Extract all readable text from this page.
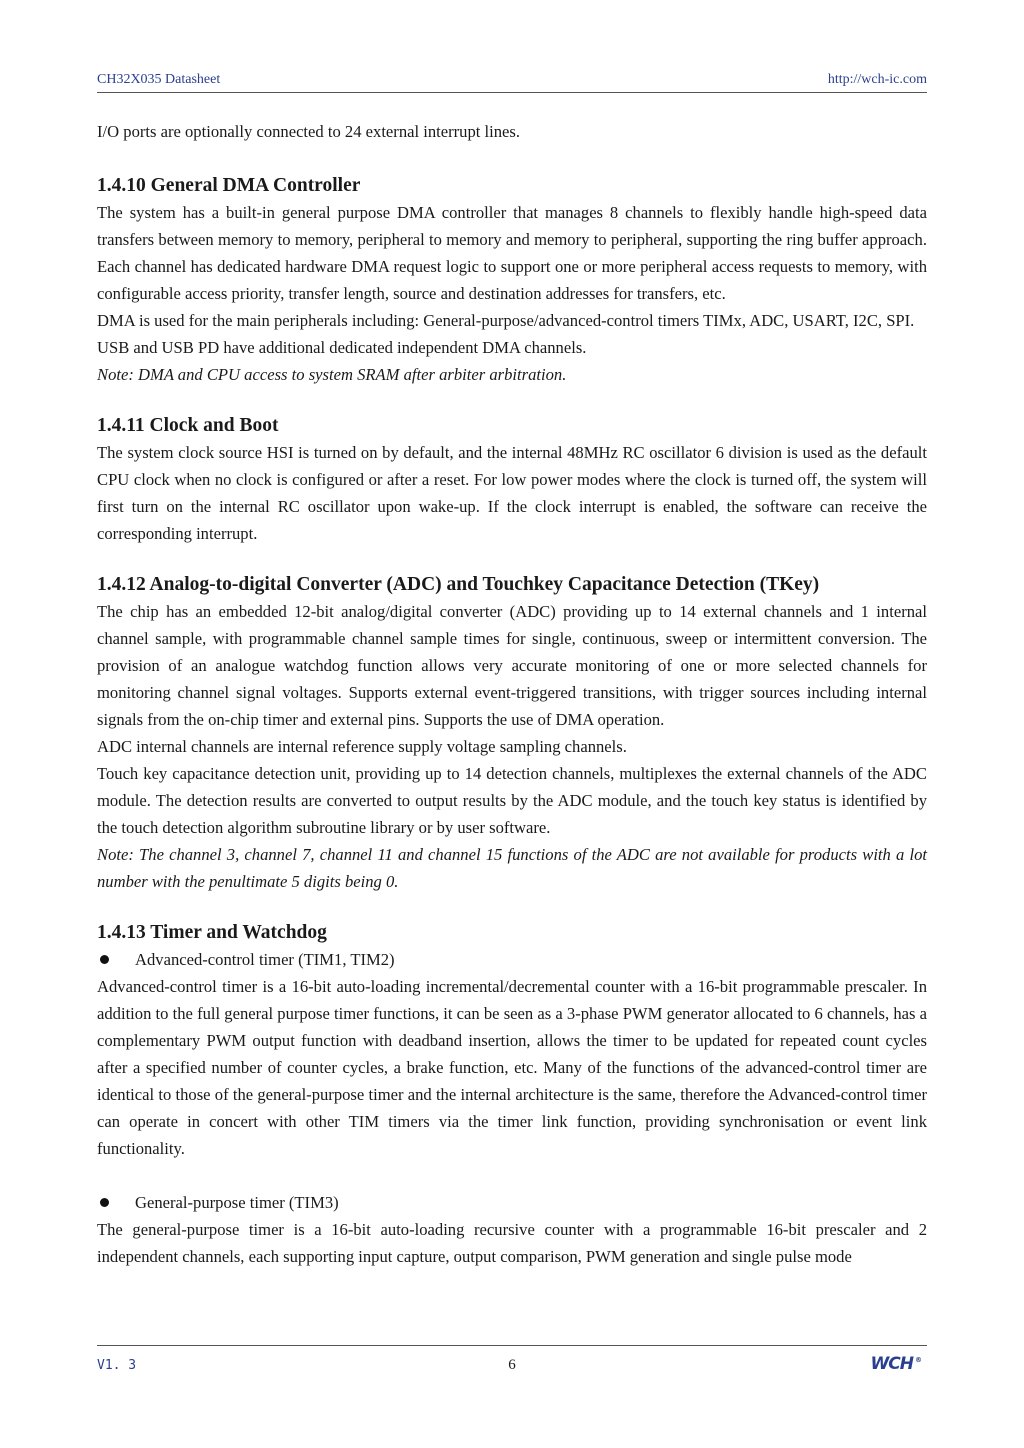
CH32X035 Datasheet	http://wch-ic.com

I/O ports are optionally connected to 24 external interrupt lines.

1.4.10 General DMA Controller

The system has a built-in general purpose DMA controller that manages 8 channels to flexibly handle high-speed data transfers between memory to memory, peripheral to memory and memory to peripheral, supporting the ring buffer approach. Each channel has dedicated hardware DMA request logic to support one or more peripheral access requests to memory, with configurable access priority, transfer length, source and destination addresses for transfers, etc.

DMA is used for the main peripherals including: General-purpose/advanced-control timers TIMx, ADC, USART, I2C, SPI.

USB and USB PD have additional dedicated independent DMA channels.

Note: DMA and CPU access to system SRAM after arbiter arbitration.

1.4.11 Clock and Boot

The system clock source HSI is turned on by default, and the internal 48MHz RC oscillator 6 division is used as the default CPU clock when no clock is configured or after a reset. For low power modes where the clock is turned off, the system will first turn on the internal RC oscillator upon wake-up. If the clock interrupt is enabled, the software can receive the corresponding interrupt.

1.4.12 Analog-to-digital Converter (ADC) and Touchkey Capacitance Detection (TKey)

The chip has an embedded 12-bit analog/digital converter (ADC) providing up to 14 external channels and 1 internal channel sample, with programmable channel sample times for single, continuous, sweep or intermittent conversion. The provision of an analogue watchdog function allows very accurate monitoring of one or more selected channels for monitoring channel signal voltages. Supports external event-triggered transitions, with trigger sources including internal signals from the on-chip timer and external pins. Supports the use of DMA operation.

ADC internal channels are internal reference supply voltage sampling channels.

Touch key capacitance detection unit, providing up to 14 detection channels, multiplexes the external channels of the ADC module. The detection results are converted to output results by the ADC module, and the touch key status is identified by the touch detection algorithm subroutine library or by user software.

Note: The channel 3, channel 7, channel 11 and channel 15 functions of the ADC are not available for products with a lot number with the penultimate 5 digits being 0.

1.4.13 Timer and Watchdog
Advanced-control timer (TIM1, TIM2)

Advanced-control timer is a 16-bit auto-loading incremental/decremental counter with a 16-bit programmable prescaler. In addition to the full general purpose timer functions, it can be seen as a 3-phase PWM generator allocated to 6 channels, has a complementary PWM output function with deadband insertion, allows the timer to be updated for repeated count cycles after a specified number of counter cycles, a brake function, etc. Many of the functions of the advanced-control timer are identical to those of the general-purpose timer and the internal architecture is the same, therefore the Advanced-control timer can operate in concert with other TIM timers via the timer link function, providing synchronisation or event link functionality.

General-purpose timer (TIM3)

The general-purpose timer is a 16-bit auto-loading recursive counter with a programmable 16-bit prescaler and 2 independent channels, each supporting input capture, output comparison, PWM generation and single pulse mode

V1. 3	6	WCH ®
